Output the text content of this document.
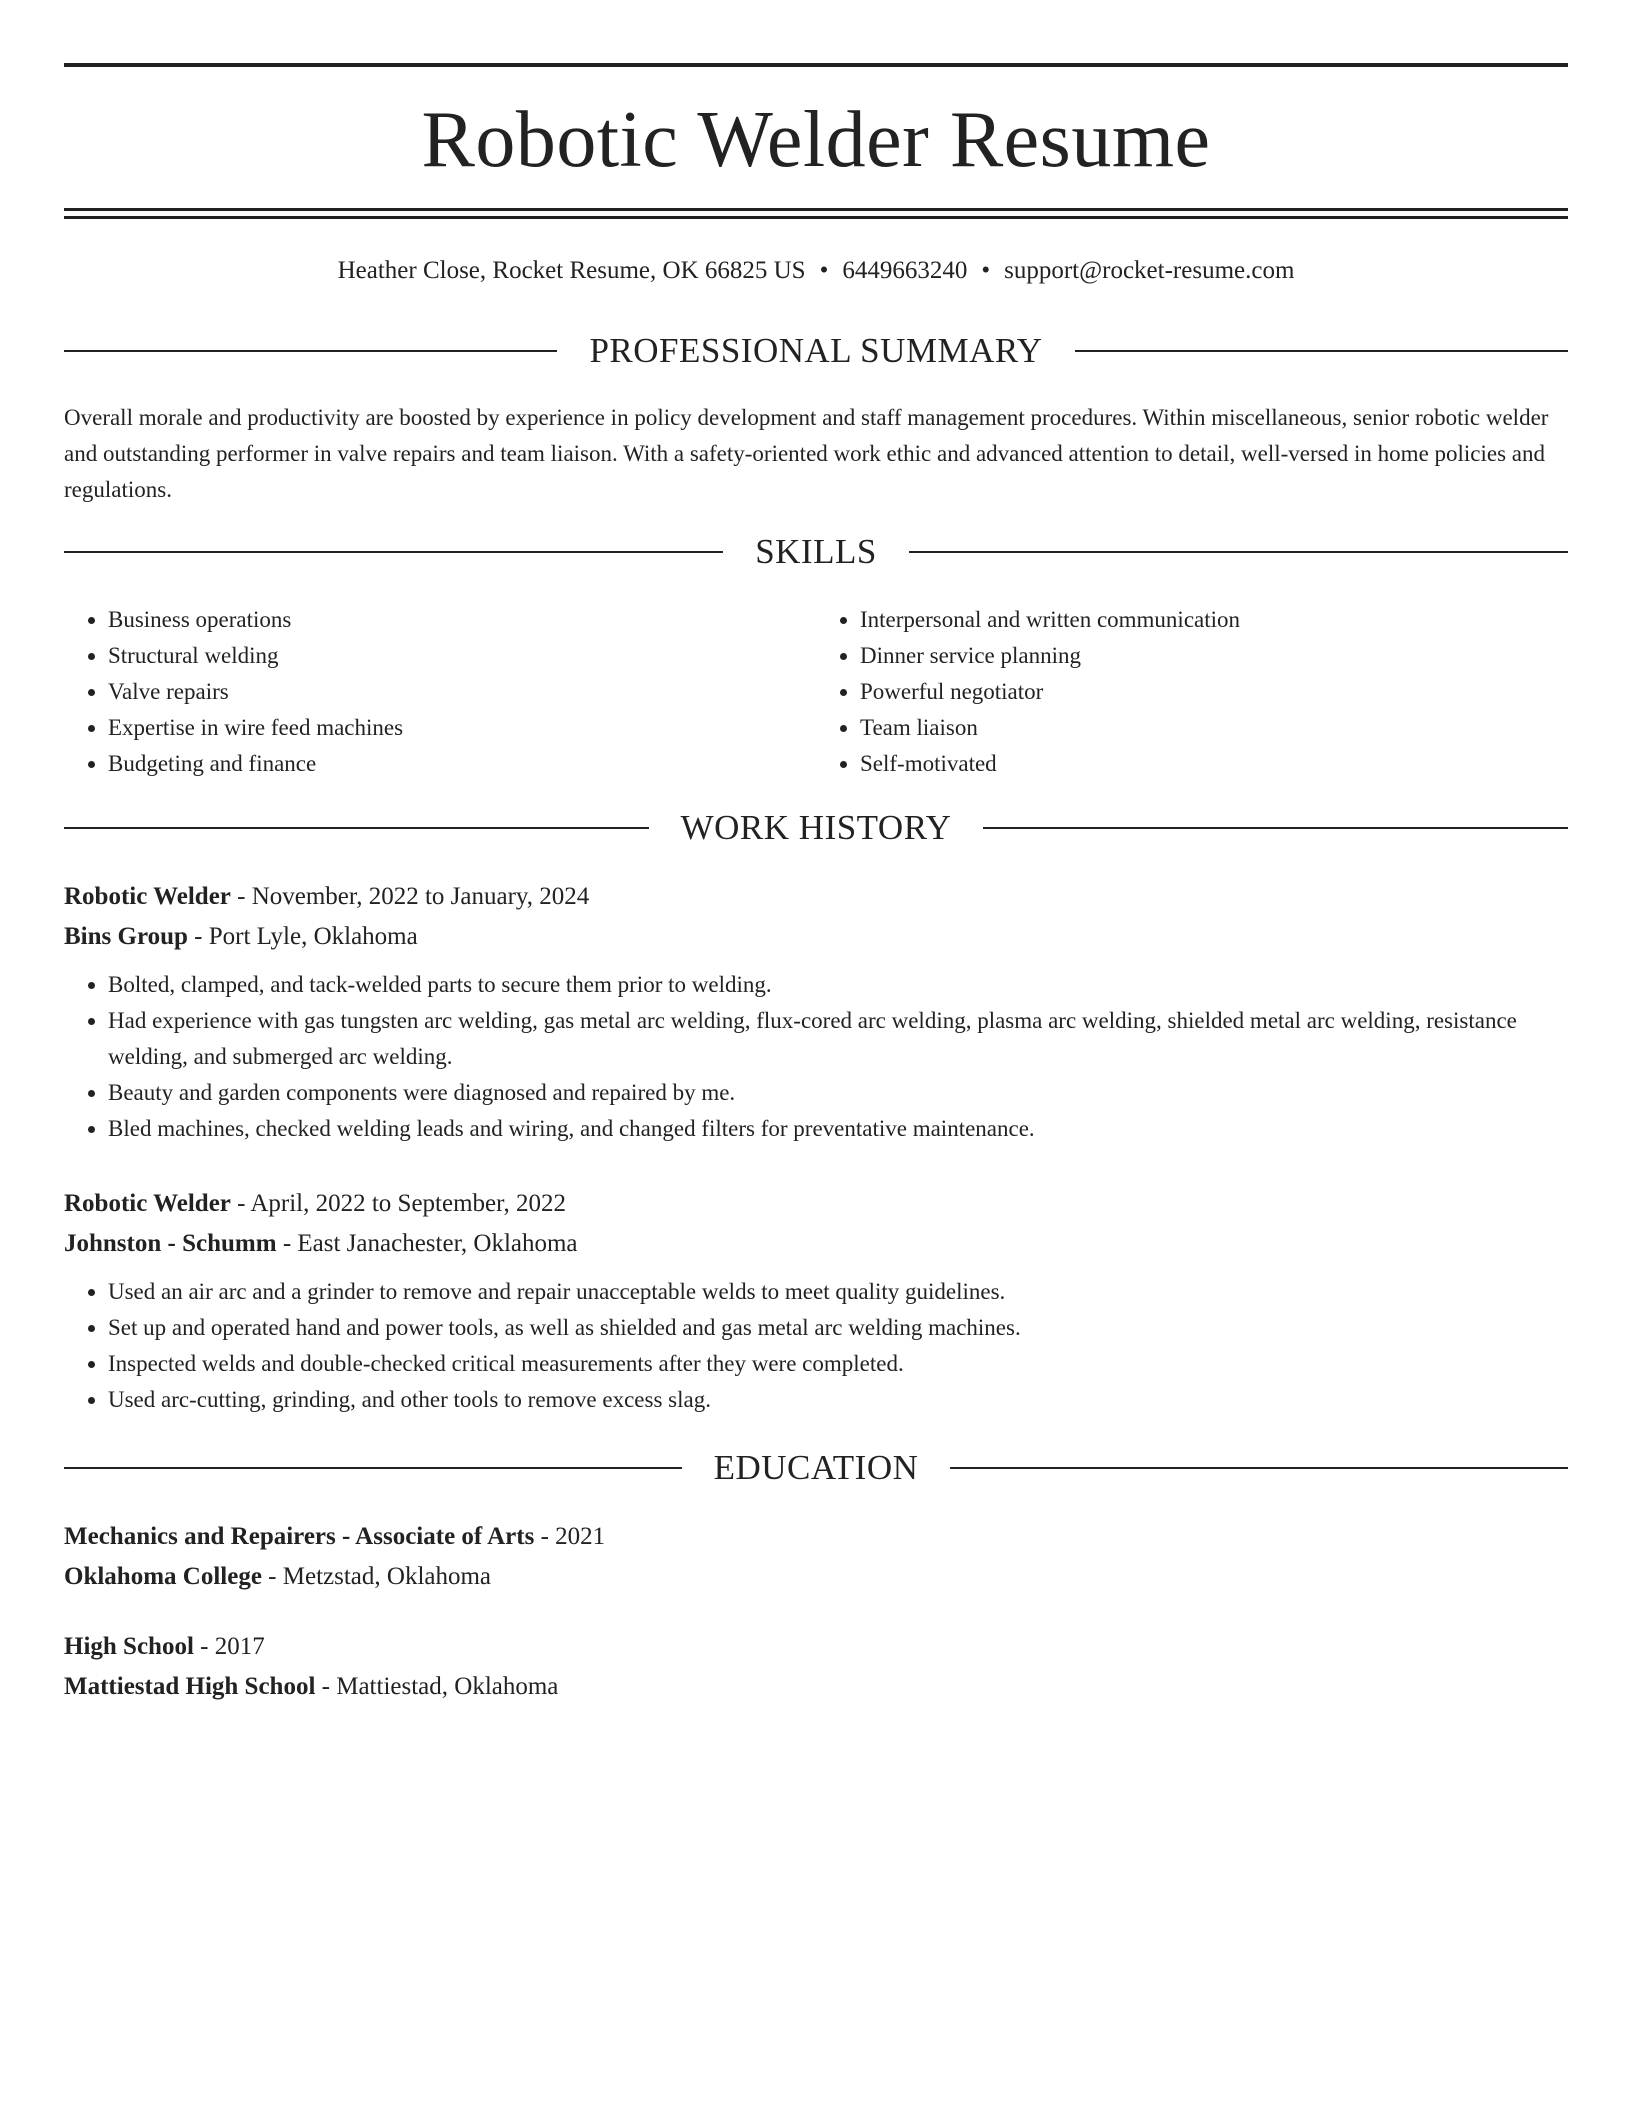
Robotic Welder Resume
Heather Close, Rocket Resume, OK 66825 US • 6449663240 • support@rocket-resume.com
PROFESSIONAL SUMMARY

Overall morale and productivity are boosted by experience in policy development and staff management procedures. Within miscellaneous, senior robotic welder and outstanding performer in valve repairs and team liaison. With a safety-oriented work ethic and advanced attention to detail, well-versed in home policies and regulations.

SKILLS
• Business operations
• Structural welding
• Valve repairs
• Expertise in wire feed machines
• Budgeting and finance
• Interpersonal and written communication
• Dinner service planning
• Powerful negotiator
• Team liaison
• Self-motivated
WORK HISTORY
Robotic Welder - November, 2022 to January, 2024
Bins Group - Port Lyle, Oklahoma
• Bolted, clamped, and tack-welded parts to secure them prior to welding.
• Had experience with gas tungsten arc welding, gas metal arc welding, flux-cored arc welding, plasma arc welding, shielded metal arc welding, resistance welding, and submerged arc welding.
• Beauty and garden components were diagnosed and repaired by me.
• Bled machines, checked welding leads and wiring, and changed filters for preventative maintenance.
Robotic Welder - April, 2022 to September, 2022
Johnston - Schumm - East Janachester, Oklahoma
• Used an air arc and a grinder to remove and repair unacceptable welds to meet quality guidelines.
• Set up and operated hand and power tools, as well as shielded and gas metal arc welding machines.
• Inspected welds and double-checked critical measurements after they were completed.
• Used arc-cutting, grinding, and other tools to remove excess slag.
EDUCATION
Mechanics and Repairers - Associate of Arts - 2021
Oklahoma College - Metzstad, Oklahoma
High School - 2017
Mattiestad High School - Mattiestad, Oklahoma
